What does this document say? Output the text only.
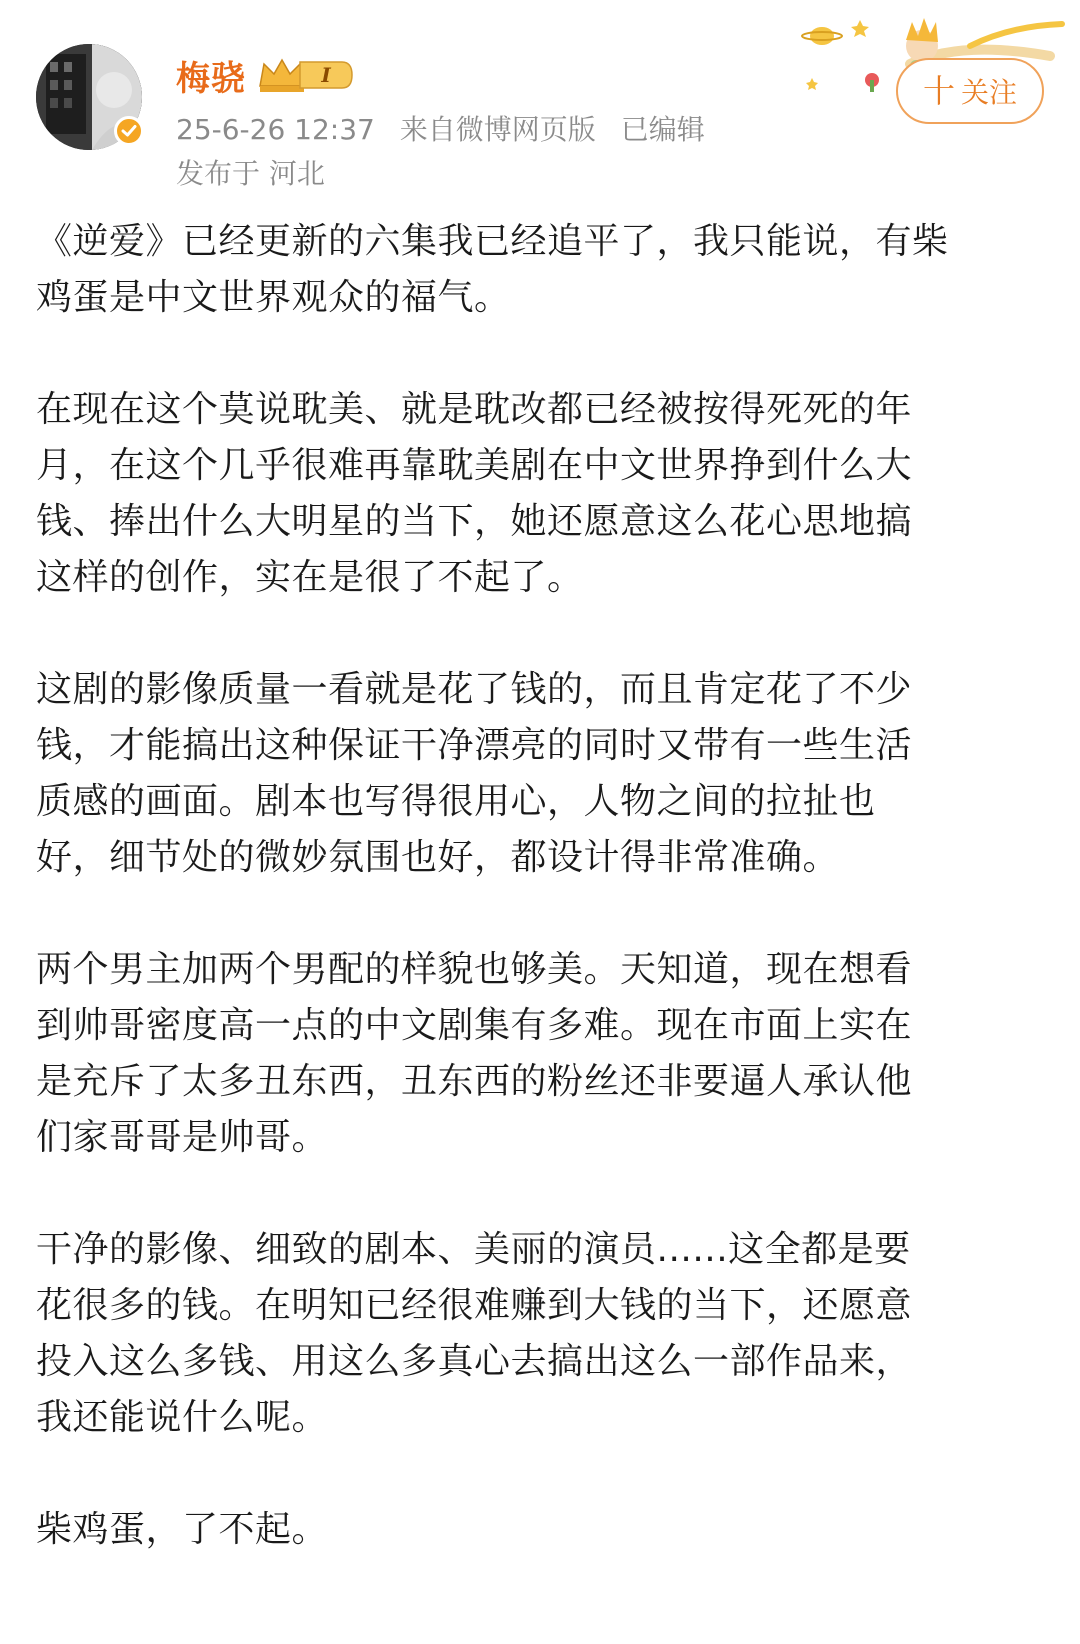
梅骁	I
25-6-26 12:37 来自微博网页版 已编辑
发布于 河北
十 关注

《逆爱》已经更新的六集我已经追平了，我只能说，有柴
鸡蛋是中文世界观众的福气。

在现在这个莫说耽美、就是耽改都已经被按得死死的年
月，在这个几乎很难再靠耽美剧在中文世界挣到什么大
钱、捧出什么大明星的当下，她还愿意这么花心思地搞
这样的创作，实在是很了不起了。

这剧的影像质量一看就是花了钱的，而且肯定花了不少
钱，才能搞出这种保证干净漂亮的同时又带有一些生活
质感的画面。剧本也写得很用心，人物之间的拉扯也
好，细节处的微妙氛围也好，都设计得非常准确。

两个男主加两个男配的样貌也够美。天知道，现在想看
到帅哥密度高一点的中文剧集有多难。现在市面上实在
是充斥了太多丑东西，丑东西的粉丝还非要逼人承认他
们家哥哥是帅哥。

干净的影像、细致的剧本、美丽的演员......这全都是要
花很多的钱。在明知已经很难赚到大钱的当下，还愿意
投入这么多钱、用这么多真心去搞出这么一部作品来，
我还能说什么呢。

柴鸡蛋，了不起。
